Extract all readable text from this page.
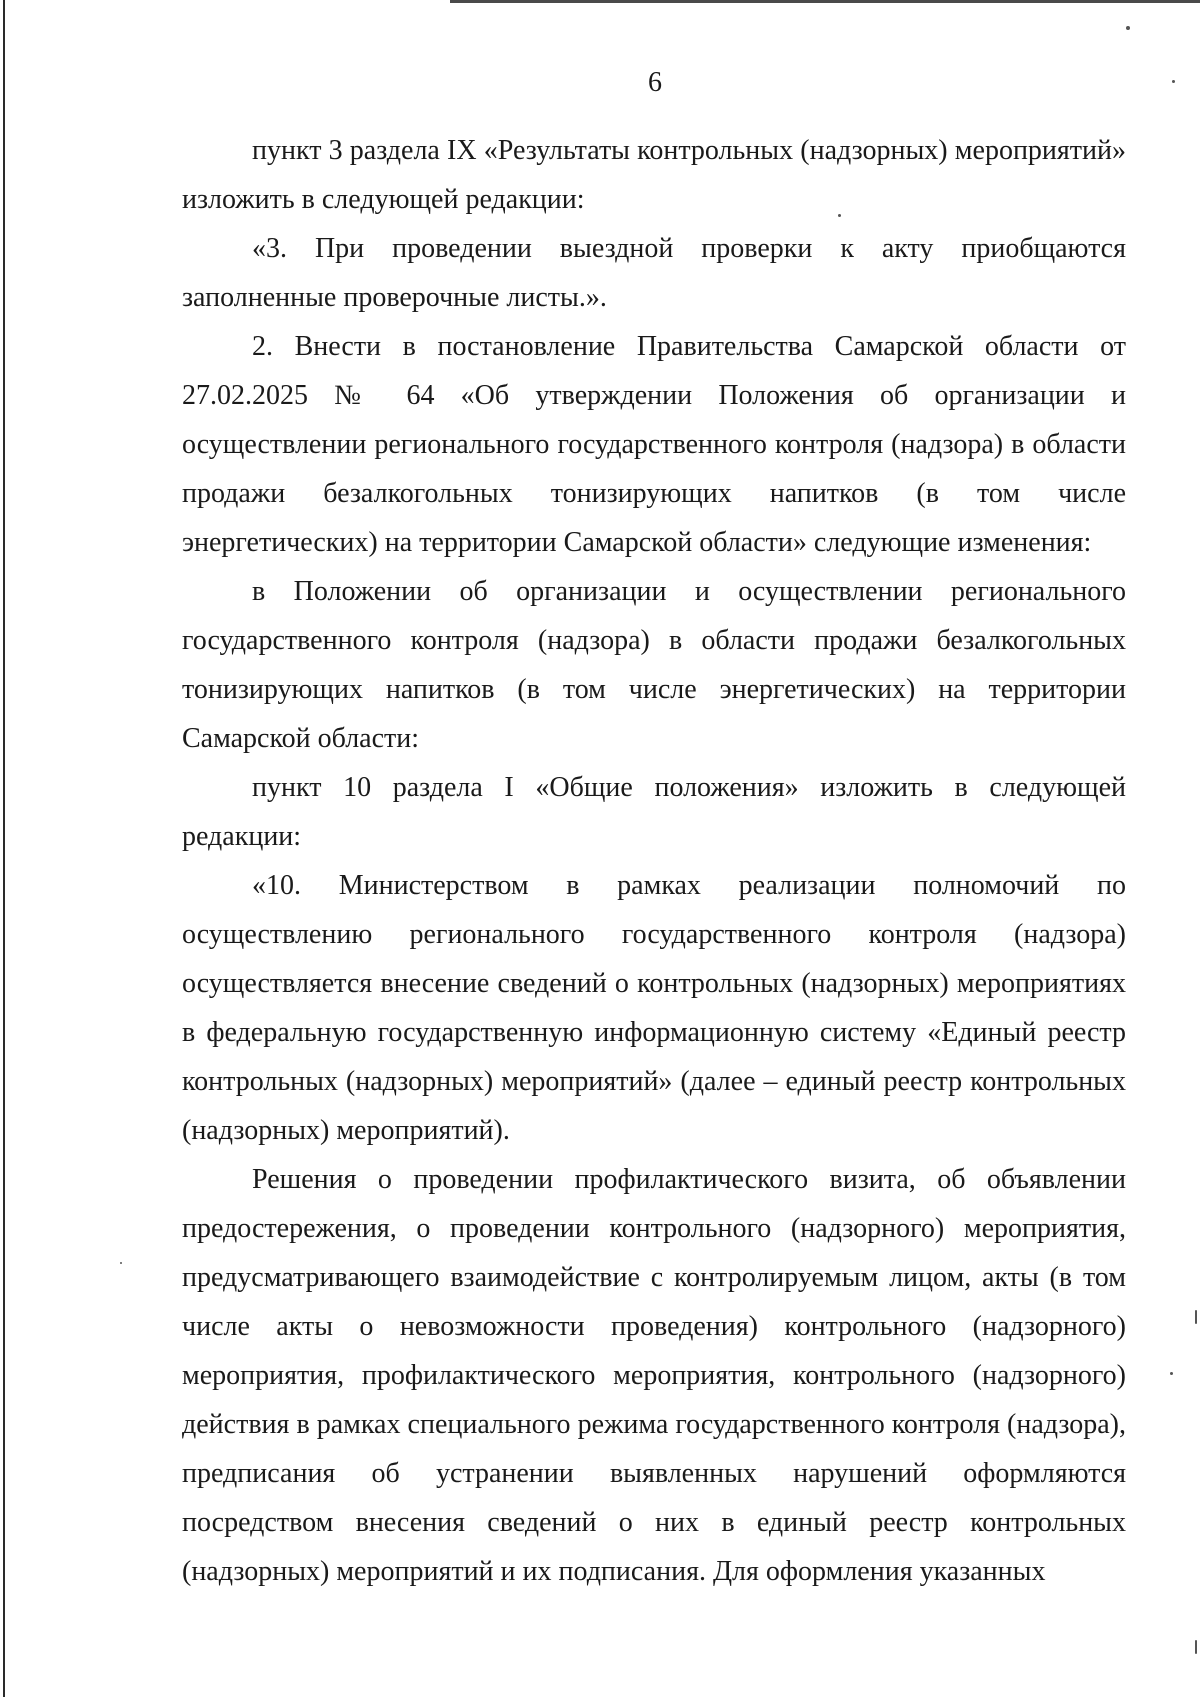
6

пункт 3 раздела IX «Результаты контрольных (надзорных) мероприятий» изложить в следующей редакции:

«3. При проведении выездной проверки к акту приобщаются заполненные проверочные листы.».

2. Внести в постановление Правительства Самарской области от 27.02.2025 № 64 «Об утверждении Положения об организации и осуществлении регионального государственного контроля (надзора) в области продажи безалкогольных тонизирующих напитков (в том числе энергетических) на территории Самарской области» следующие изменения:

в Положении об организации и осуществлении регионального государственного контроля (надзора) в области продажи безалкогольных тонизирующих напитков (в том числе энергетических) на территории Самарской области:

пункт 10 раздела I «Общие положения» изложить в следующей редакции:

«10. Министерством в рамках реализации полномочий по осуществлению регионального государственного контроля (надзора) осуществляется внесение сведений о контрольных (надзорных) мероприятиях в федеральную государственную информационную систему «Единый реестр контрольных (надзорных) мероприятий» (далее – единый реестр контрольных (надзорных) мероприятий).

Решения о проведении профилактического визита, об объявлении предостережения, о проведении контрольного (надзорного) мероприятия, предусматривающего взаимодействие с контролируемым лицом, акты (в том числе акты о невозможности проведения) контрольного (надзорного) мероприятия, профилактического мероприятия, контрольного (надзорного) действия в рамках специального режима государственного контроля (надзора), предписания об устранении выявленных нарушений оформляются посредством внесения сведений о них в единый реестр контрольных (надзорных) мероприятий и их подписания. Для оформления указанных
